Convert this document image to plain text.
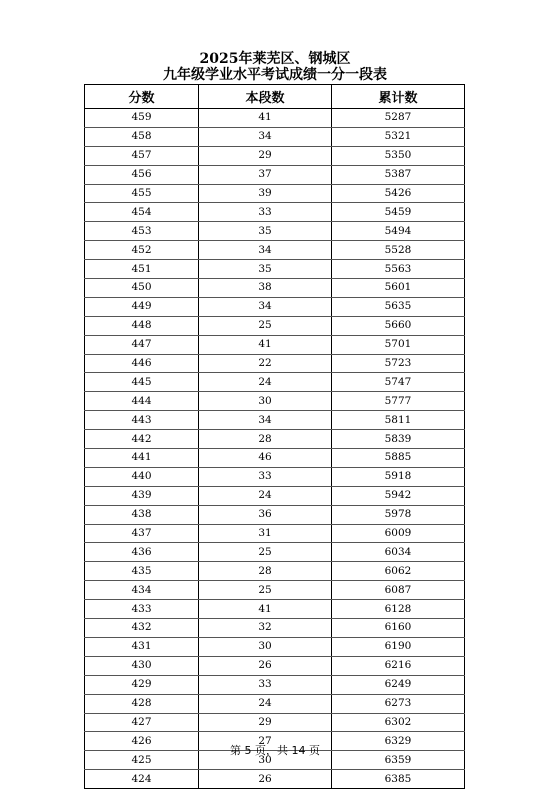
2025年莱芜区、钢城区
九年级学业水平考试成绩一分一段表
分数	本段数	累计数
459	41	5287
458	34	5321
457	29	5350
456	37	5387
455	39	5426
454	33	5459
453	35	5494
452	34	5528
451	35	5563
450	38	5601
449	34	5635
448	25	5660
447	41	5701
446	22	5723
445	24	5747
444	30	5777
443	34	5811
442	28	5839
441	46	5885
440	33	5918
439	24	5942
438	36	5978
437	31	6009
436	25	6034
435	28	6062
434	25	6087
433	41	6128
432	32	6160
431	30	6190
430	26	6216
429	33	6249
428	24	6273
427	29	6302
426	27	6329
425	30	6359
424	26	6385
第 5 页，共 14 页
